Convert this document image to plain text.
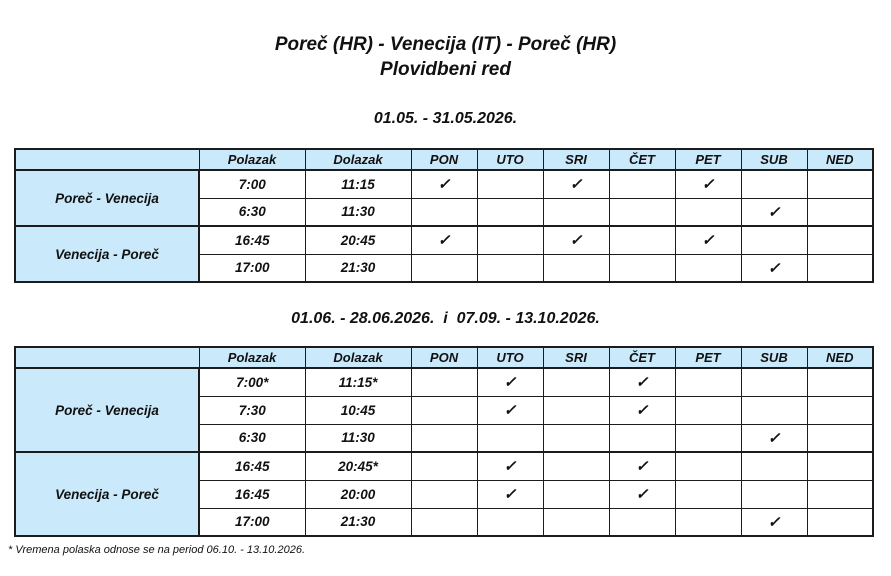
Poreč (HR) - Venecija (IT) - Poreč (HR)
Plovidbeni red
01.05. - 31.05.2026.
	Polazak	Dolazak	PON	UTO	SRI	ČET	PET	SUB	NED
Poreč - Venecija	7:00	11:15	✓		✓		✓		
	6:30	11:30						✓	
Venecija - Poreč	16:45	20:45	✓		✓		✓		
	17:00	21:30						✓	
01.06. - 28.06.2026.  i  07.09. - 13.10.2026.
	Polazak	Dolazak	PON	UTO	SRI	ČET	PET	SUB	NED
Poreč - Venecija	7:00*	11:15*		✓		✓			
	7:30	10:45		✓		✓			
	6:30	11:30						✓	
Venecija - Poreč	16:45	20:45*		✓		✓			
	16:45	20:00		✓		✓			
	17:00	21:30						✓	
* Vremena polaska odnose se na period 06.10. - 13.10.2026.
